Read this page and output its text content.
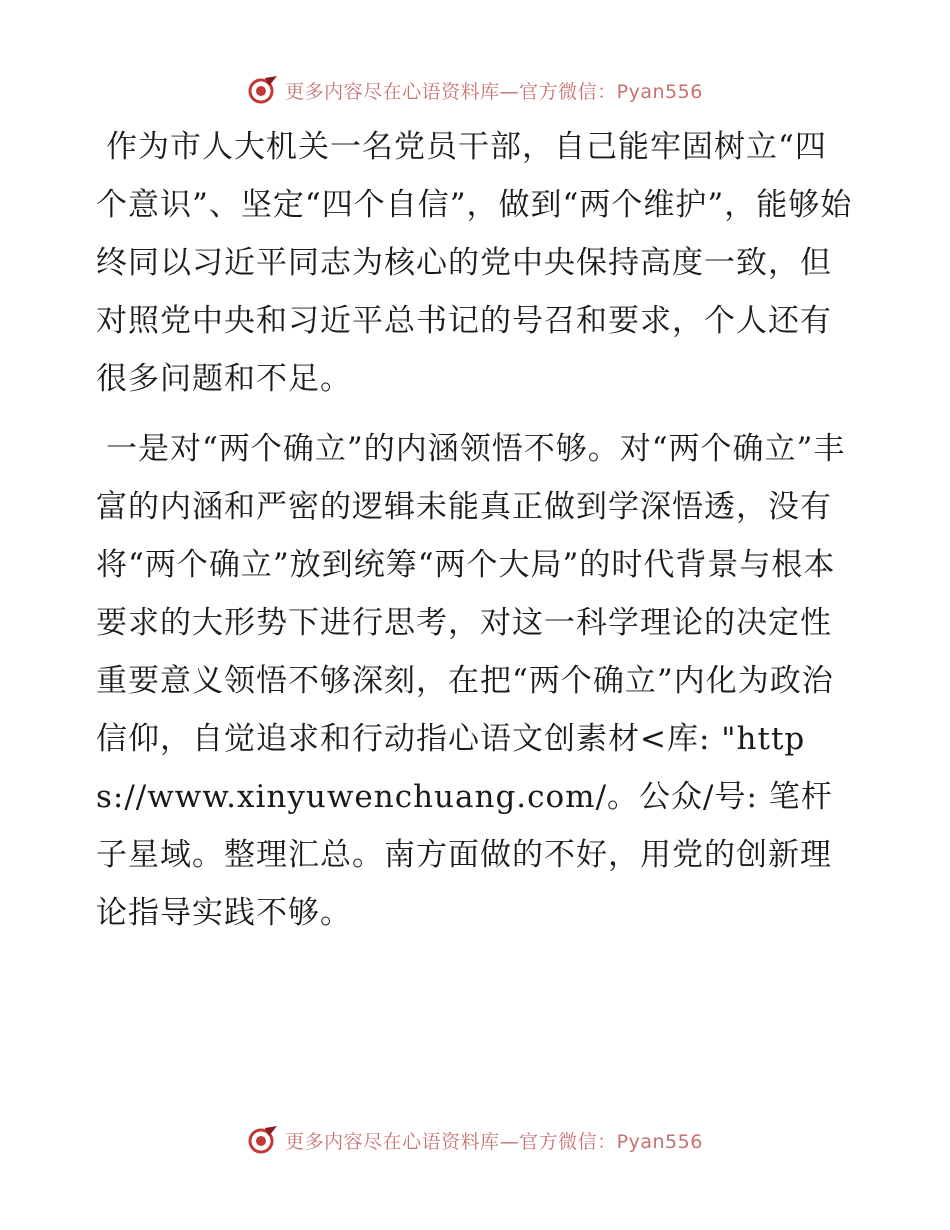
更多内容尽在心语资料库—官方微信：Pyan556

作为市人大机关一名党员干部，自己能牢固树立“四个意识”、坚定“四个自信”，做到“两个维护”，能够始终同以习近平同志为核心的党中央保持高度一致，但对照党中央和习近平总书记的号召和要求，个人还有很多问题和不足。

一是对“两个确立”的内涵领悟不够。对“两个确立”丰富的内涵和严密的逻辑未能真正做到学深悟透，没有将“两个确立”放到统筹“两个大局”的时代背景与根本要求的大形势下进行思考，对这一科学理论的决定性重要意义领悟不够深刻，在把“两个确立”内化为政治信仰，自觉追求和行动指心语文创素材<库: "https://www.xinyuwenchuang.com/。公众/号: 笔杆子星域。整理汇总。南方面做的不好，用党的创新理论指导实践不够。

更多内容尽在心语资料库—官方微信：Pyan556
